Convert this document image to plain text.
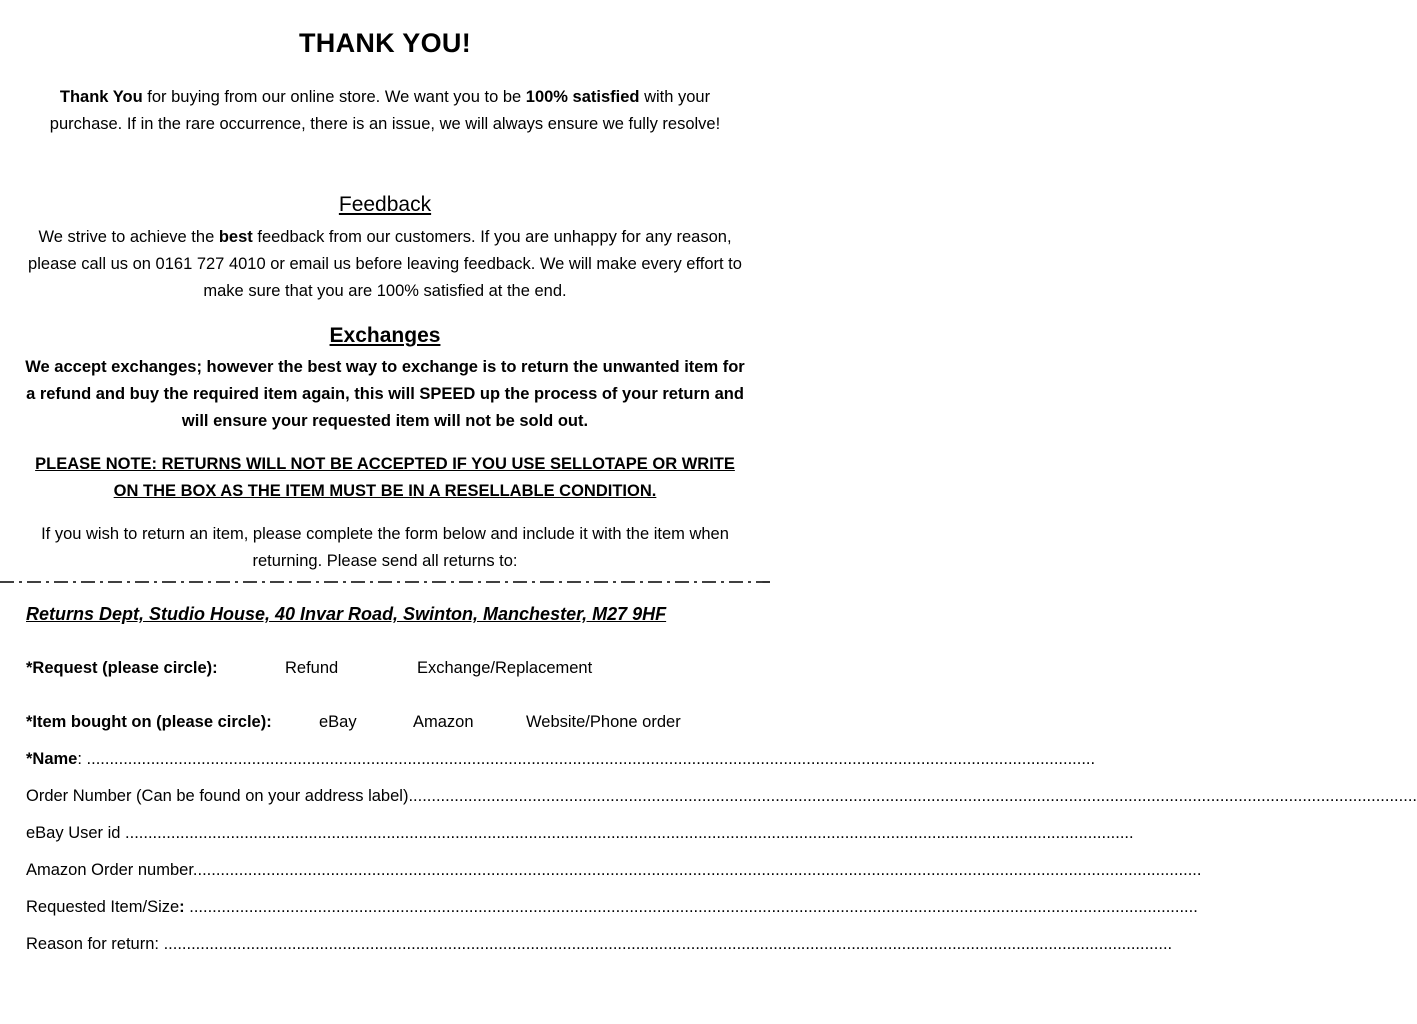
THANK YOU!
Thank You for buying from our online store. We want you to be 100% satisfied with your purchase. If in the rare occurrence, there is an issue, we will always ensure we fully resolve!
Feedback
We strive to achieve the best feedback from our customers. If you are unhappy for any reason, please call us on 0161 727 4010 or email us before leaving feedback. We will make every effort to make sure that you are 100% satisfied at the end.
Exchanges
We accept exchanges; however the best way to exchange is to return the unwanted item for a refund and buy the required item again, this will SPEED up the process of your return and will ensure your requested item will not be sold out.
PLEASE NOTE: RETURNS WILL NOT BE ACCEPTED IF YOU USE SELLOTAPE OR WRITE ON THE BOX AS THE ITEM MUST BE IN A RESELLABLE CONDITION.
If you wish to return an item, please complete the form below and include it with the item when returning. Please send all returns to:
Returns Dept, Studio House, 40 Invar Road, Swinton, Manchester, M27 9HF
*Request (please circle):	Refund	Exchange/Replacement
*Item bought on (please circle):	eBay	Amazon	Website/Phone order
*Name: ............................................................................................................................................................................................................................
Order Number (Can be found on your address label)............................................................................................................................................................................................................................
eBay User id ............................................................................................................................................................................................................................
Amazon Order number............................................................................................................................................................................................................................
Requested Item/Size: ............................................................................................................................................................................................................................
Reason for return: ............................................................................................................................................................................................................................
